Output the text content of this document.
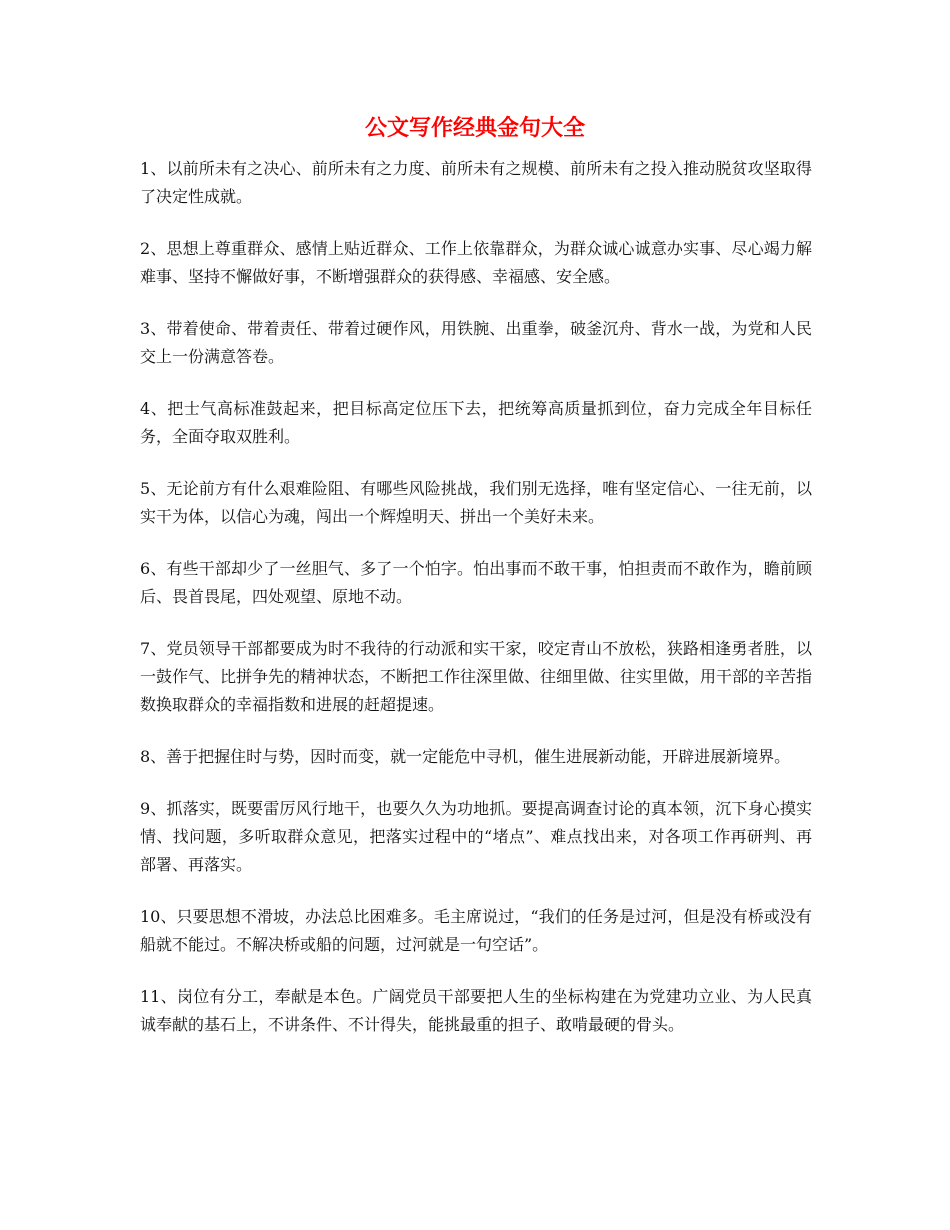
公文写作经典金句大全

1、以前所未有之决心、前所未有之力度、前所未有之规模、前所未有之投入推动脱贫攻坚取得了决定性成就。

2、思想上尊重群众、感情上贴近群众、工作上依靠群众，为群众诚心诚意办实事、尽心竭力解难事、坚持不懈做好事，不断增强群众的获得感、幸福感、安全感。

3、带着使命、带着责任、带着过硬作风，用铁腕、出重拳，破釜沉舟、背水一战，为党和人民交上一份满意答卷。

4、把士气高标准鼓起来，把目标高定位压下去，把统筹高质量抓到位，奋力完成全年目标任务，全面夺取双胜利。

5、无论前方有什么艰难险阻、有哪些风险挑战，我们别无选择，唯有坚定信心、一往无前，以实干为体，以信心为魂，闯出一个辉煌明天、拼出一个美好未来。

6、有些干部却少了一丝胆气、多了一个怕字。怕出事而不敢干事，怕担责而不敢作为，瞻前顾后、畏首畏尾，四处观望、原地不动。

7、党员领导干部都要成为时不我待的行动派和实干家，咬定青山不放松，狭路相逢勇者胜，以一鼓作气、比拼争先的精神状态，不断把工作往深里做、往细里做、往实里做，用干部的辛苦指数换取群众的幸福指数和进展的赶超提速。

8、善于把握住时与势，因时而变，就一定能危中寻机，催生进展新动能，开辟进展新境界。

9、抓落实，既要雷厉风行地干，也要久久为功地抓。要提高调查讨论的真本领，沉下身心摸实情、找问题，多听取群众意见，把落实过程中的“堵点”、难点找出来，对各项工作再研判、再部署、再落实。

10、只要思想不滑坡，办法总比困难多。毛主席说过，“我们的任务是过河，但是没有桥或没有船就不能过。不解决桥或船的问题，过河就是一句空话”。

11、岗位有分工，奉献是本色。广阔党员干部要把人生的坐标构建在为党建功立业、为人民真诚奉献的基石上，不讲条件、不计得失，能挑最重的担子、敢啃最硬的骨头。
